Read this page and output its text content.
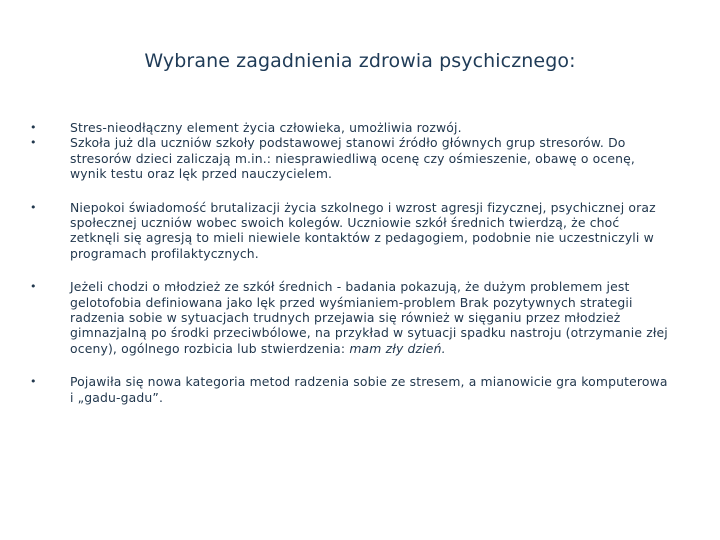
Wybrane zagadnienia zdrowia psychicznego:
•	Stres-nieodłączny element życia człowieka, umożliwia rozwój.
•	Szkoła już dla uczniów szkoły podstawowej stanowi źródło głównych grup stresorów. Do stresorów dzieci zaliczają m.in.: niesprawiedliwą ocenę czy ośmieszenie, obawę o ocenę, wynik testu oraz lęk przed nauczycielem.
•	Niepokoi świadomość brutalizacji życia szkolnego i wzrost agresji fizycznej, psychicznej oraz społecznej uczniów wobec swoich kolegów. Uczniowie szkół średnich twierdzą, że choć zetknęli się agresją to mieli niewiele kontaktów z pedagogiem, podobnie nie uczestniczyli w programach profilaktycznych.
•	Jeżeli chodzi o młodzież ze szkół średnich - badania pokazują, że dużym problemem jest gelotofobia definiowana jako lęk przed wyśmianiem-problem Brak pozytywnych strategii radzenia sobie w sytuacjach trudnych przejawia się również w sięganiu przez młodzież gimnazjalną po środki przeciwbólowe, na przykład w sytuacji spadku nastroju (otrzymanie złej oceny), ogólnego rozbicia lub stwierdzenia: mam zły dzień.
•	Pojawiła się nowa kategoria metod radzenia sobie ze stresem, a mianowicie gra komputerowa i „gadu-gadu”.
